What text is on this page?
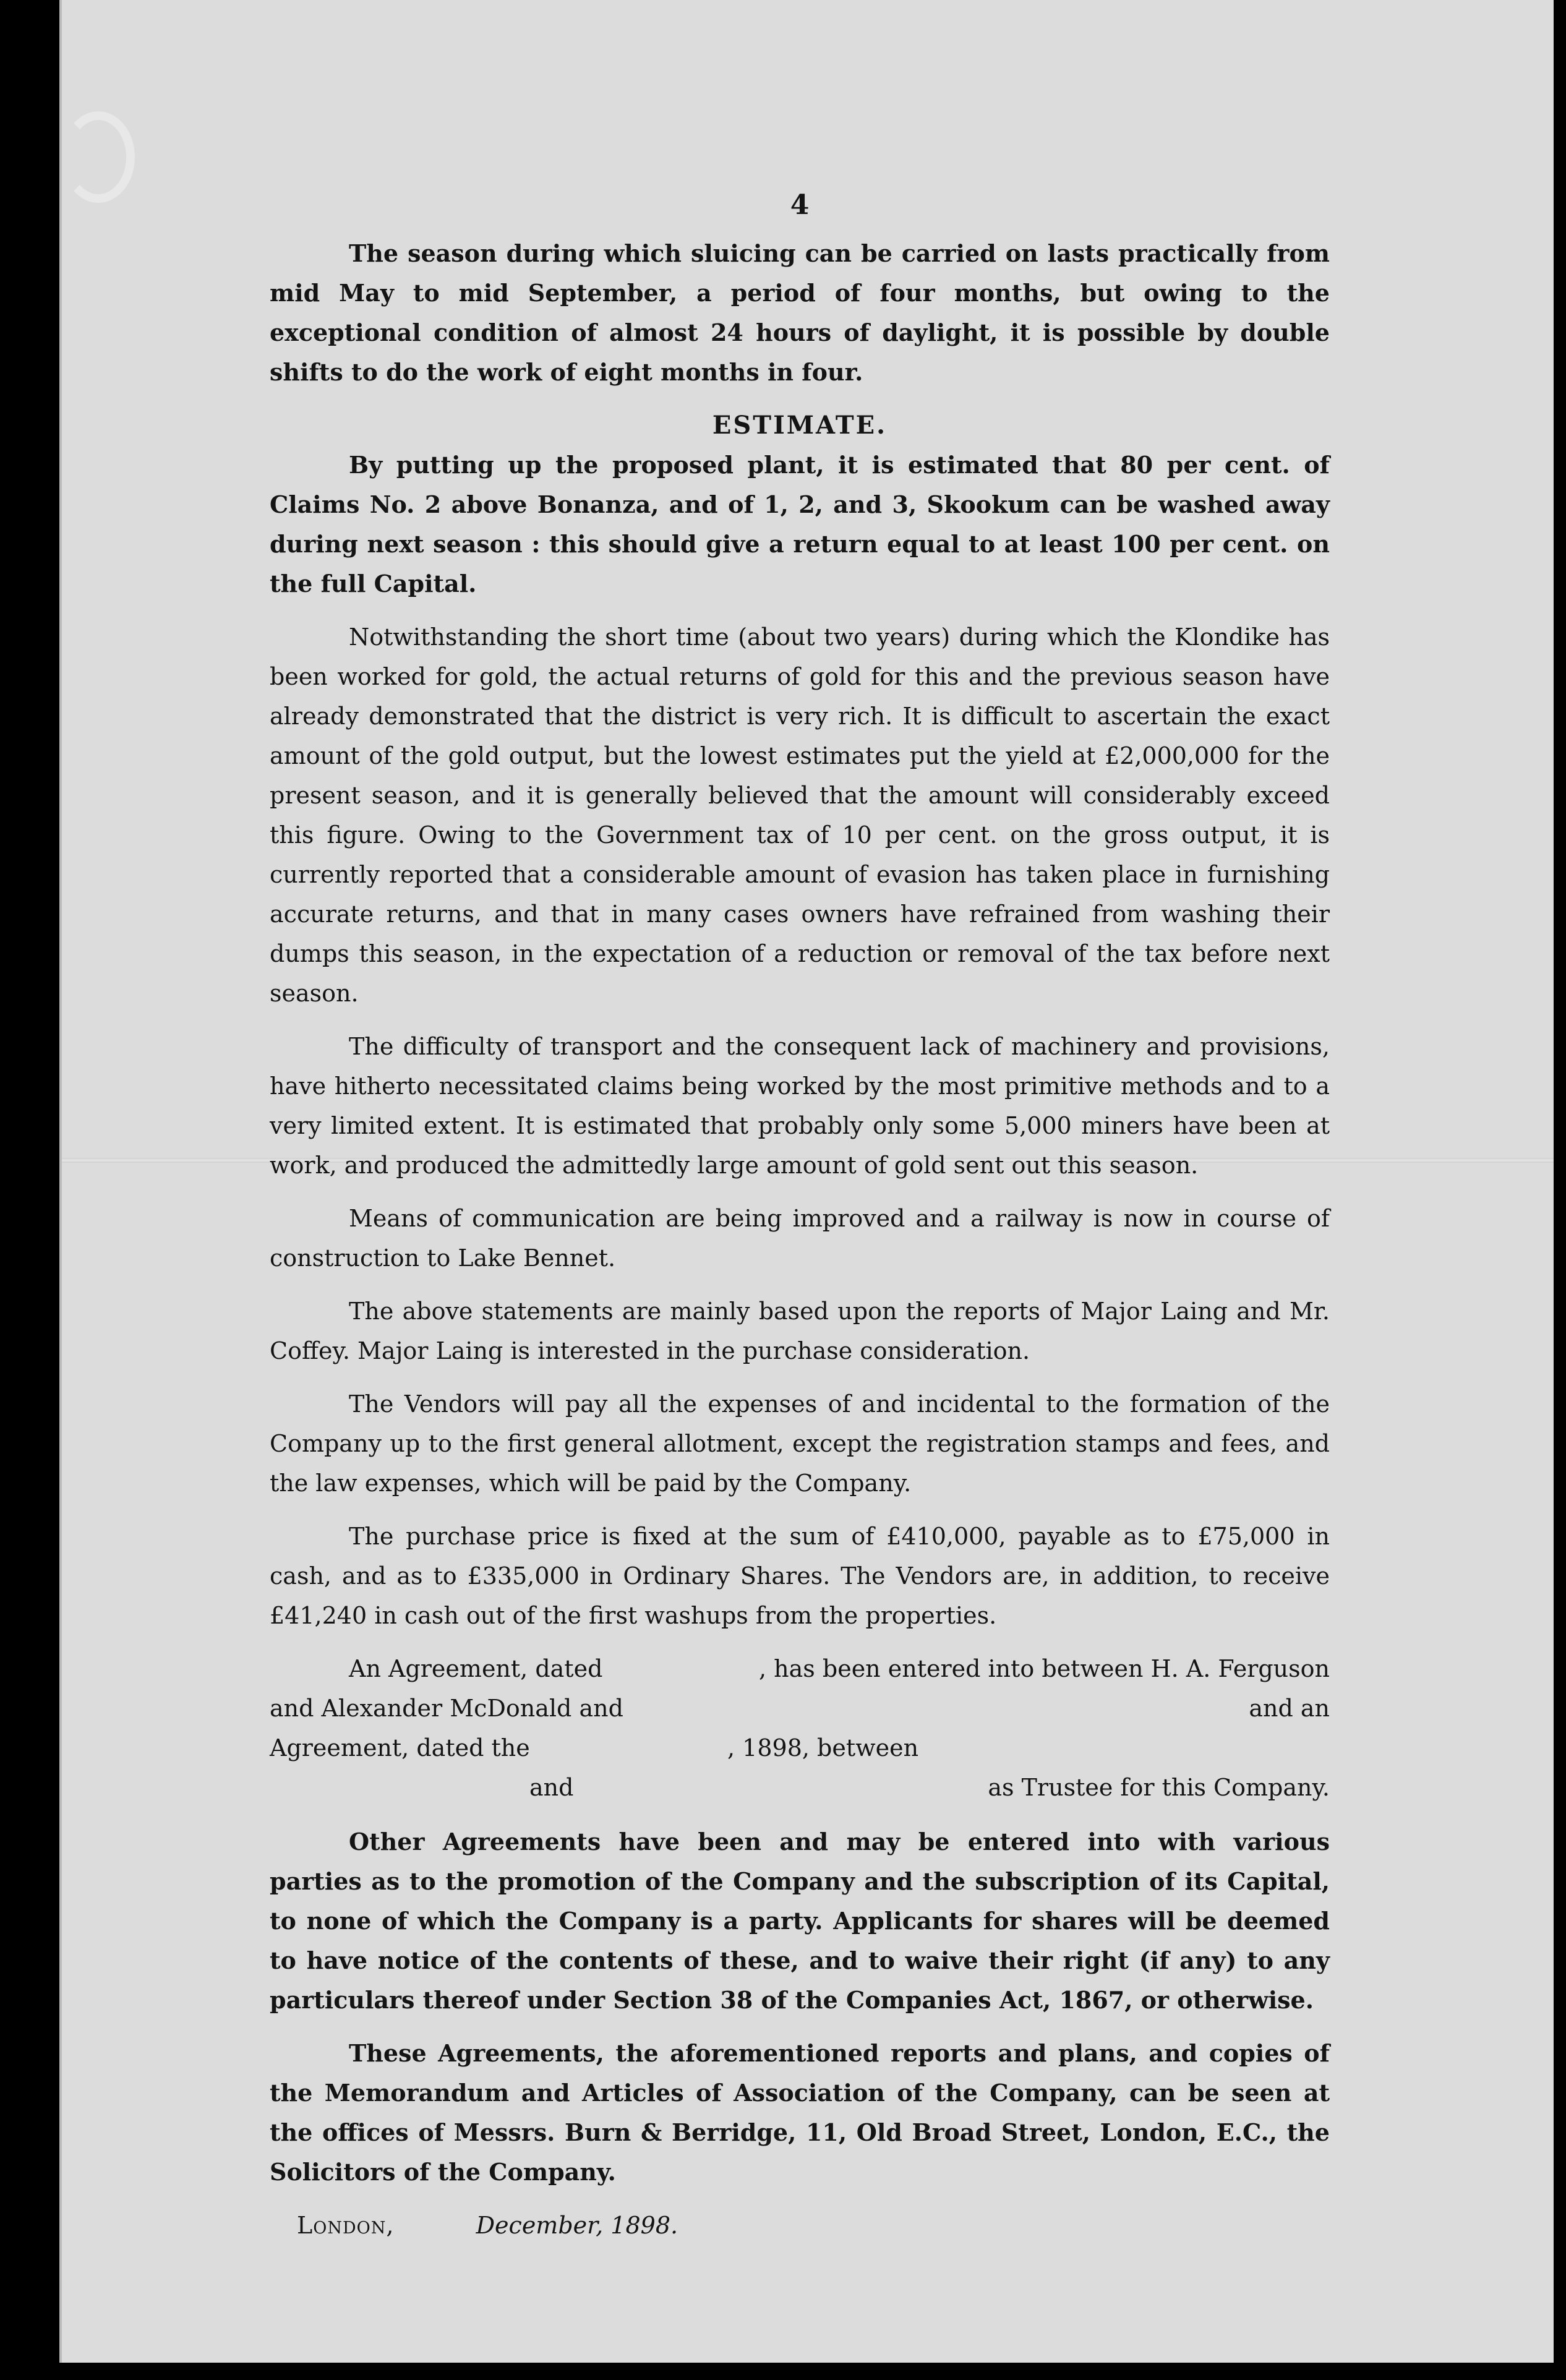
4

The season during which sluicing can be carried on lasts practically from mid May to mid September, a period of four months, but owing to the exceptional condition of almost 24 hours of daylight, it is possible by double shifts to do the work of eight months in four.

ESTIMATE.

By putting up the proposed plant, it is estimated that 80 per cent. of Claims No. 2 above Bonanza, and of 1, 2, and 3, Skookum can be washed away during next season : this should give a return equal to at least 100 per cent. on the full Capital.

Notwithstanding the short time (about two years) during which the Klondike has been worked for gold, the actual returns of gold for this and the previous season have already demonstrated that the district is very rich. It is difficult to ascertain the exact amount of the gold output, but the lowest estimates put the yield at £2,000,000 for the present season, and it is generally believed that the amount will considerably exceed this figure. Owing to the Government tax of 10 per cent. on the gross output, it is currently reported that a considerable amount of evasion has taken place in furnishing accurate returns, and that in many cases owners have refrained from washing their dumps this season, in the expectation of a reduction or removal of the tax before next season.

The difficulty of transport and the consequent lack of machinery and provisions, have hitherto necessitated claims being worked by the most primitive methods and to a very limited extent. It is estimated that probably only some 5,000 miners have been at work, and produced the admittedly large amount of gold sent out this season.

Means of communication are being improved and a railway is now in course of construction to Lake Bennet.

The above statements are mainly based upon the reports of Major Laing and Mr. Coffey. Major Laing is interested in the purchase consideration.

The Vendors will pay all the expenses of and incidental to the formation of the Company up to the first general allotment, except the registration stamps and fees, and the law expenses, which will be paid by the Company.

The purchase price is fixed at the sum of £410,000, payable as to £75,000 in cash, and as to £335,000 in Ordinary Shares. The Vendors are, in addition, to receive £41,240 in cash out of the first washups from the properties.

An Agreement, dated	, has been entered into between H. A. Ferguson
and Alexander McDonald and	and an
Agreement, dated the	, 1898, between
and	as Trustee for this Company.

Other Agreements have been and may be entered into with various parties as to the promotion of the Company and the subscription of its Capital, to none of which the Company is a party. Applicants for shares will be deemed to have notice of the contents of these, and to waive their right (if any) to any particulars thereof under Section 38 of the Companies Act, 1867, or otherwise.

These Agreements, the aforementioned reports and plans, and copies of the Memorandum and Articles of Association of the Company, can be seen at the offices of Messrs. Burn & Berridge, 11, Old Broad Street, London, E.C., the Solicitors of the Company.

London,	December, 1898.
